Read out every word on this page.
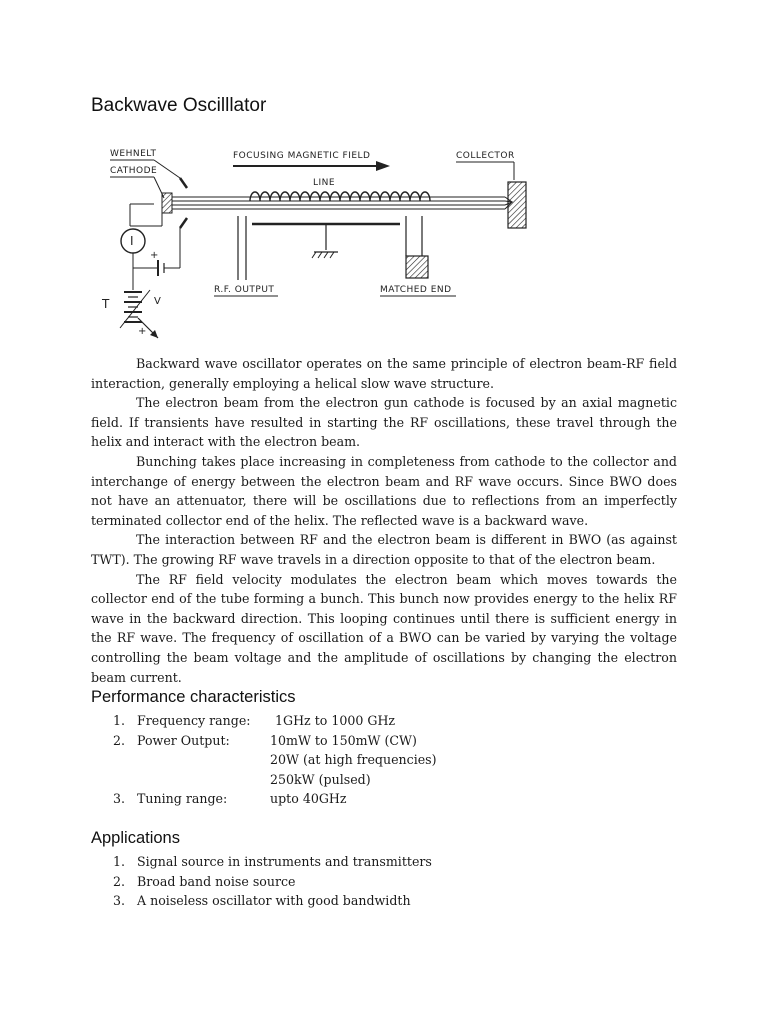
Backwave Oscilllator
WEHNELT
CATHODE
FOCUSING MAGNETIC FIELD	COLLECTOR
LINE
R.F. OUTPUT	MATCHED END
I
+
T	V
+

Backward wave oscillator operates on the same principle of electron beam-RF field interaction, generally employing a helical slow wave structure.

The electron beam from the electron gun cathode is focused by an axial magnetic field. If transients have resulted in starting the RF oscillations, these travel through the helix and interact with the electron beam.

Bunching takes place increasing in completeness from cathode to the collector and interchange of energy between the electron beam and RF wave occurs. Since BWO does not have an attenuator, there will be oscillations due to reflections from an imperfectly terminated collector end of the helix. The reflected wave is a backward wave.

The interaction between RF and the electron beam is different in BWO (as against TWT). The growing RF wave travels in a direction opposite to that of the electron beam.

The RF field velocity modulates the electron beam which moves towards the collector end of the tube forming a bunch. This bunch now provides energy to the helix RF wave in the backward direction. This looping continues until there is sufficient energy in the RF wave. The frequency of oscillation of a BWO can be varied by varying the voltage controlling the beam voltage and the amplitude of oscillations by changing the electron beam current.

Performance characteristics
1. Frequency range: 1GHz to 1000 GHz
2. Power Output:	10mW to 150mW (CW)
20W (at high frequencies)
250kW (pulsed)
3. Tuning range:	upto 40GHz
Applications
1. Signal source in instruments and transmitters
2. Broad band noise source
3. A noiseless oscillator with good bandwidth
